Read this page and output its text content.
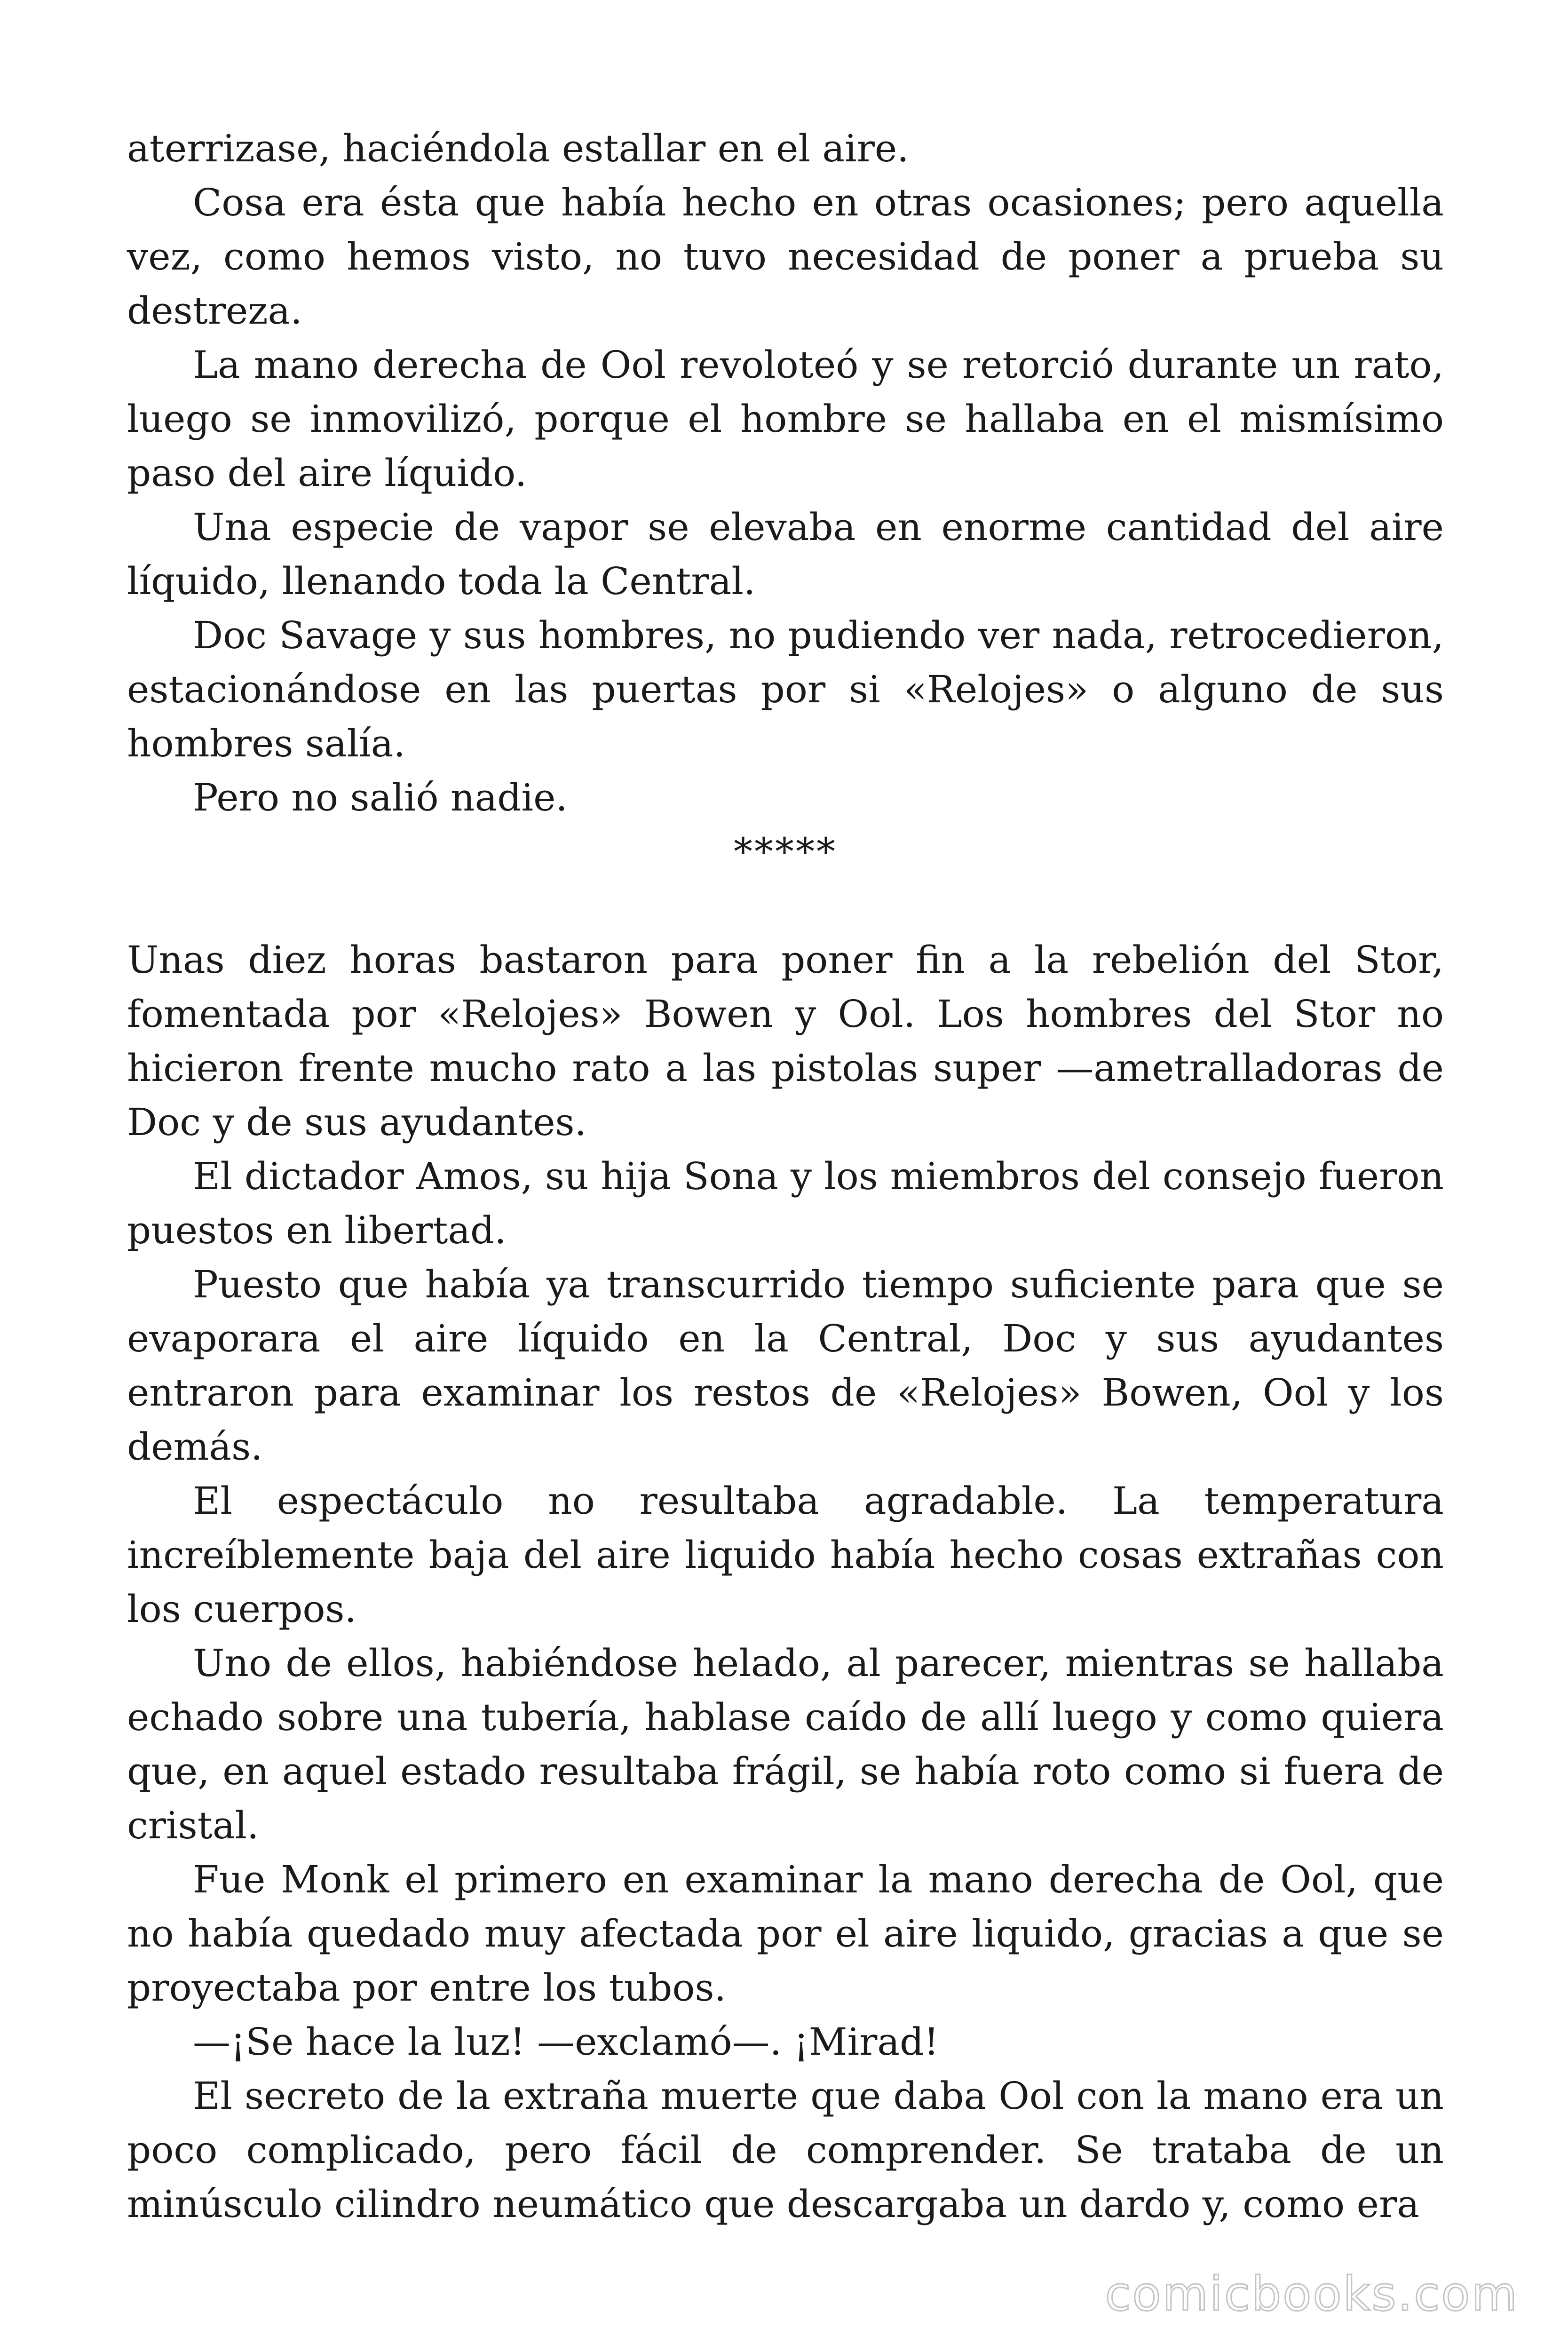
aterrizase, haciéndola estallar en el aire.

Cosa era ésta que había hecho en otras ocasiones; pero aquella vez, como hemos visto, no tuvo necesidad de poner a prueba su destreza.

La mano derecha de Ool revoloteó y se retorció durante un rato, luego se inmovilizó, porque el hombre se hallaba en el mismísimo paso del aire líquido.

Una especie de vapor se elevaba en enorme cantidad del aire líquido, llenando toda la Central.

Doc Savage y sus hombres, no pudiendo ver nada, retrocedieron, estacionándose en las puertas por si «Relojes» o alguno de sus hombres salía.

Pero no salió nadie.

*****

Unas diez horas bastaron para poner fin a la rebelión del Stor, fomentada por «Relojes» Bowen y Ool. Los hombres del Stor no hicieron frente mucho rato a las pistolas super —ametralladoras de Doc y de sus ayudantes.

El dictador Amos, su hija Sona y los miembros del consejo fueron puestos en libertad.

Puesto que había ya transcurrido tiempo suficiente para que se evaporara el aire líquido en la Central, Doc y sus ayudantes entraron para examinar los restos de «Relojes» Bowen, Ool y los demás.

El espectáculo no resultaba agradable. La temperatura increíblemente baja del aire liquido había hecho cosas extrañas con los cuerpos.

Uno de ellos, habiéndose helado, al parecer, mientras se hallaba echado sobre una tubería, hablase caído de allí luego y como quiera que, en aquel estado resultaba frágil, se había roto como si fuera de cristal.

Fue Monk el primero en examinar la mano derecha de Ool, que no había quedado muy afectada por el aire liquido, gracias a que se proyectaba por entre los tubos.

—¡Se hace la luz! —exclamó—. ¡Mirad!

El secreto de la extraña muerte que daba Ool con la mano era un poco complicado, pero fácil de comprender. Se trataba de un minúsculo cilindro neumático que descargaba un dardo y, como era

comicbooks.com
